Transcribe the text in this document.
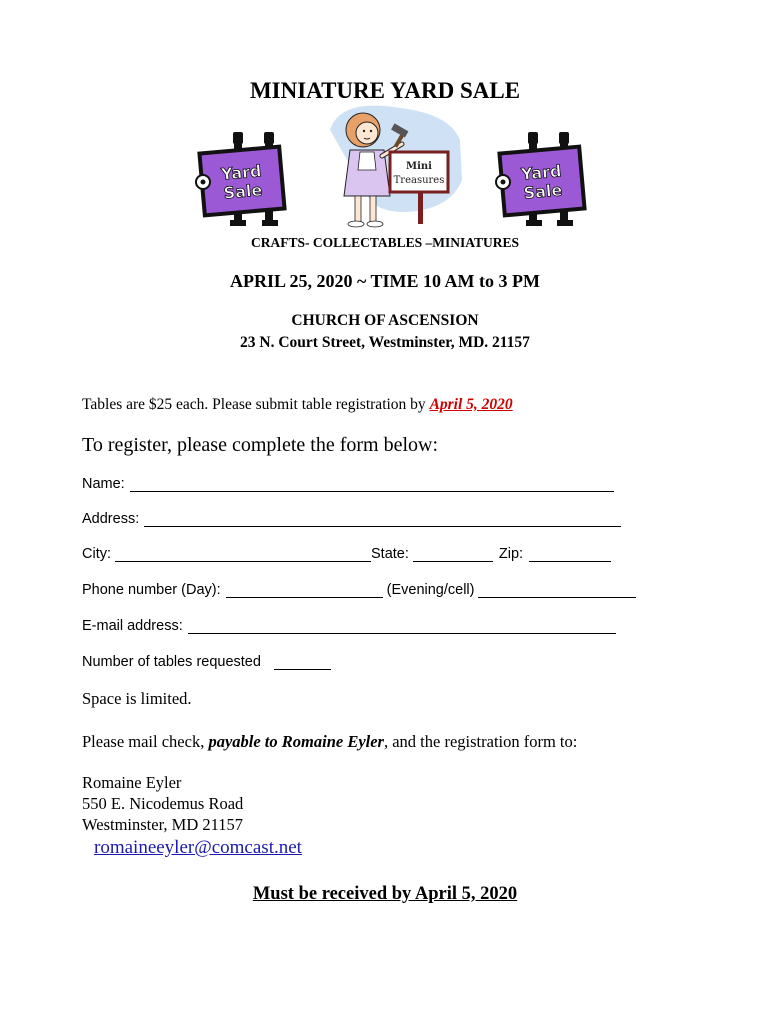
MINIATURE YARD SALE
Yard
Sale
Mini
Treasures	Yard
Sale
CRAFTS- COLLECTABLES –MINIATURES
APRIL 25, 2020 ~ TIME 10 AM to 3 PM
CHURCH OF ASCENSION
23 N. Court Street, Westminster, MD. 21157
Tables are $25 each. Please submit table registration by April 5, 2020
To register, please complete the form below:
Name:
Address:
City:	State:	Zip:
Phone number (Day):	(Evening/cell)
E-mail address:
Number of tables requested
Space is limited.
Please mail check, payable to Romaine Eyler, and the registration form to:
Romaine Eyler
550 E. Nicodemus Road
Westminster, MD 21157
romaineeyler@comcast.net
Must be received by April 5, 2020
